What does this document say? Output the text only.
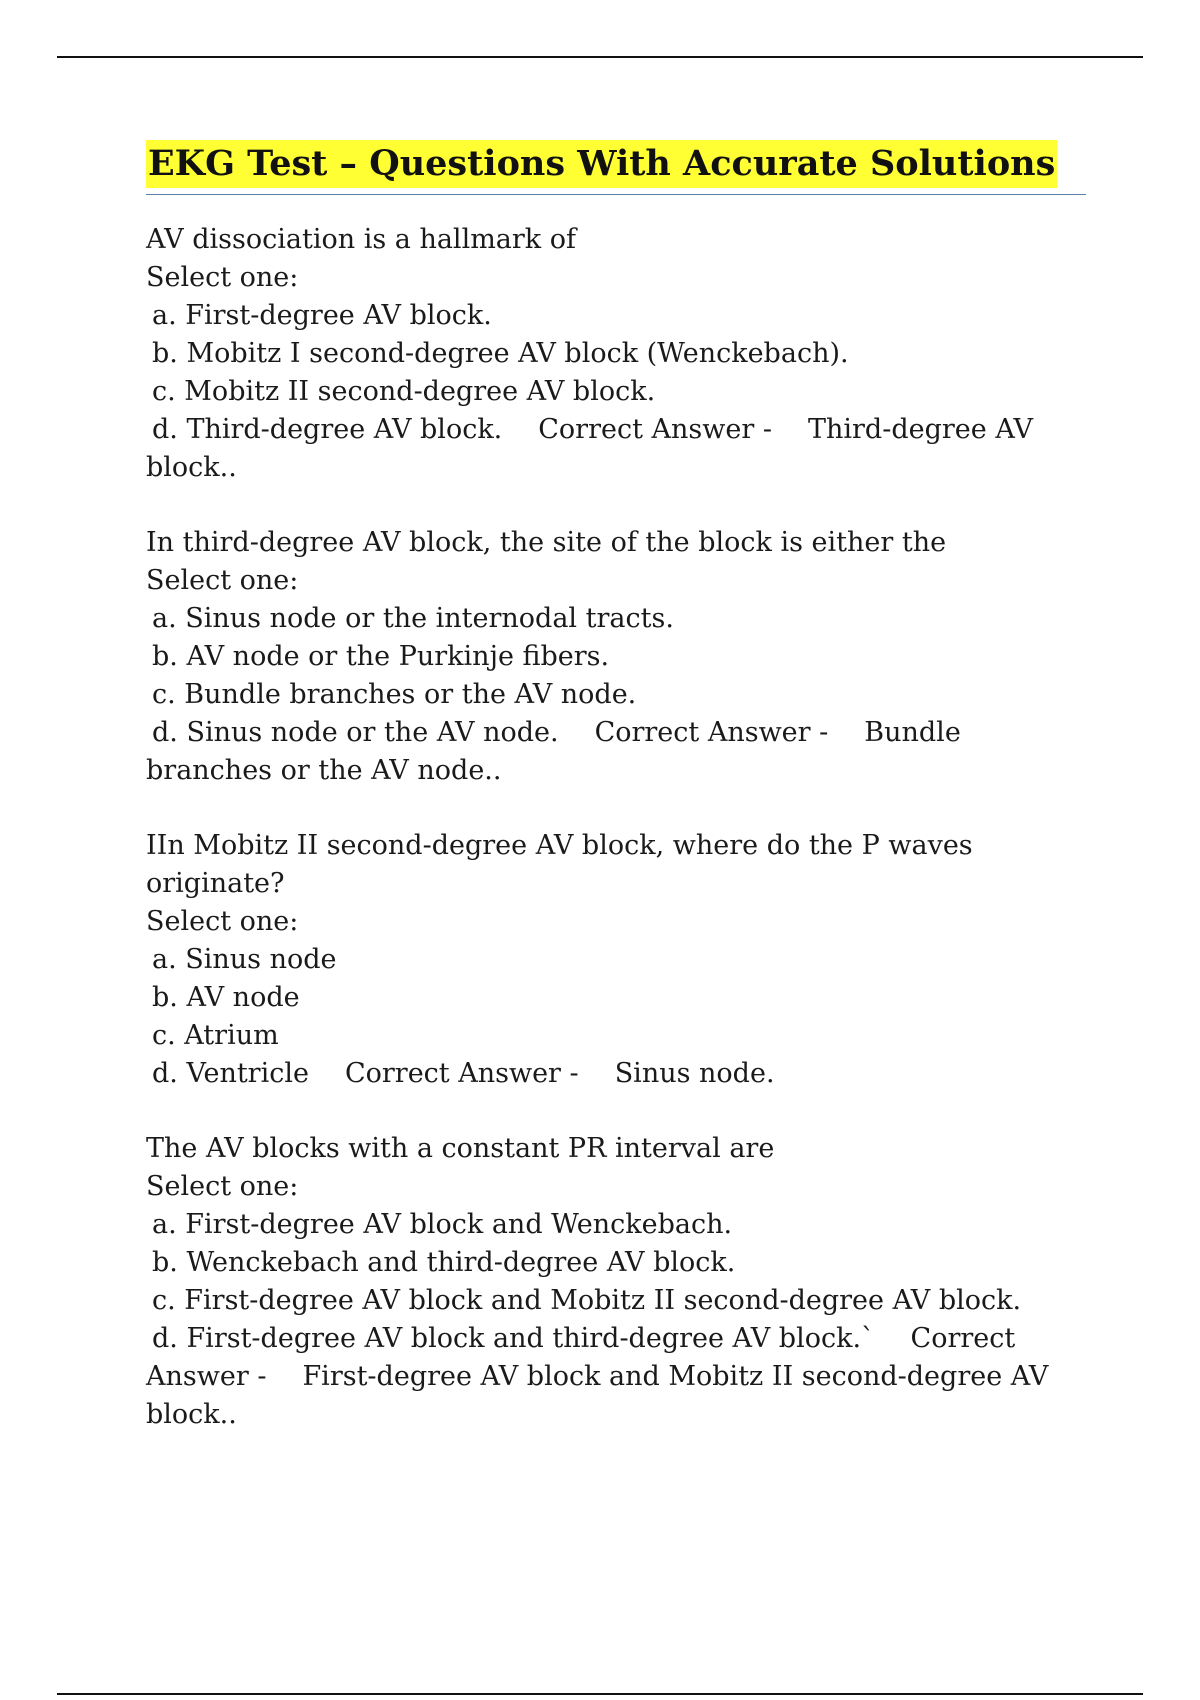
EKG Test – Questions With Accurate Solutions
AV dissociation is a hallmark of
Select one:
a. First-degree AV block.
b. Mobitz I second-degree AV block (Wenckebach).
c. Mobitz II second-degree AV block.
d. Third-degree AV block. Correct Answer - Third-degree AV
block..
In third-degree AV block, the site of the block is either the
Select one:
a. Sinus node or the internodal tracts.
b. AV node or the Purkinje fibers.
c. Bundle branches or the AV node.
d. Sinus node or the AV node. Correct Answer - Bundle
branches or the AV node..
IIn Mobitz II second-degree AV block, where do the P waves
originate?
Select one:
a. Sinus node
b. AV node
c. Atrium
d. Ventricle Correct Answer - Sinus node.
The AV blocks with a constant PR interval are
Select one:
a. First-degree AV block and Wenckebach.
b. Wenckebach and third-degree AV block.
c. First-degree AV block and Mobitz II second-degree AV block.
d. First-degree AV block and third-degree AV block.` Correct
Answer - First-degree AV block and Mobitz II second-degree AV
block..
